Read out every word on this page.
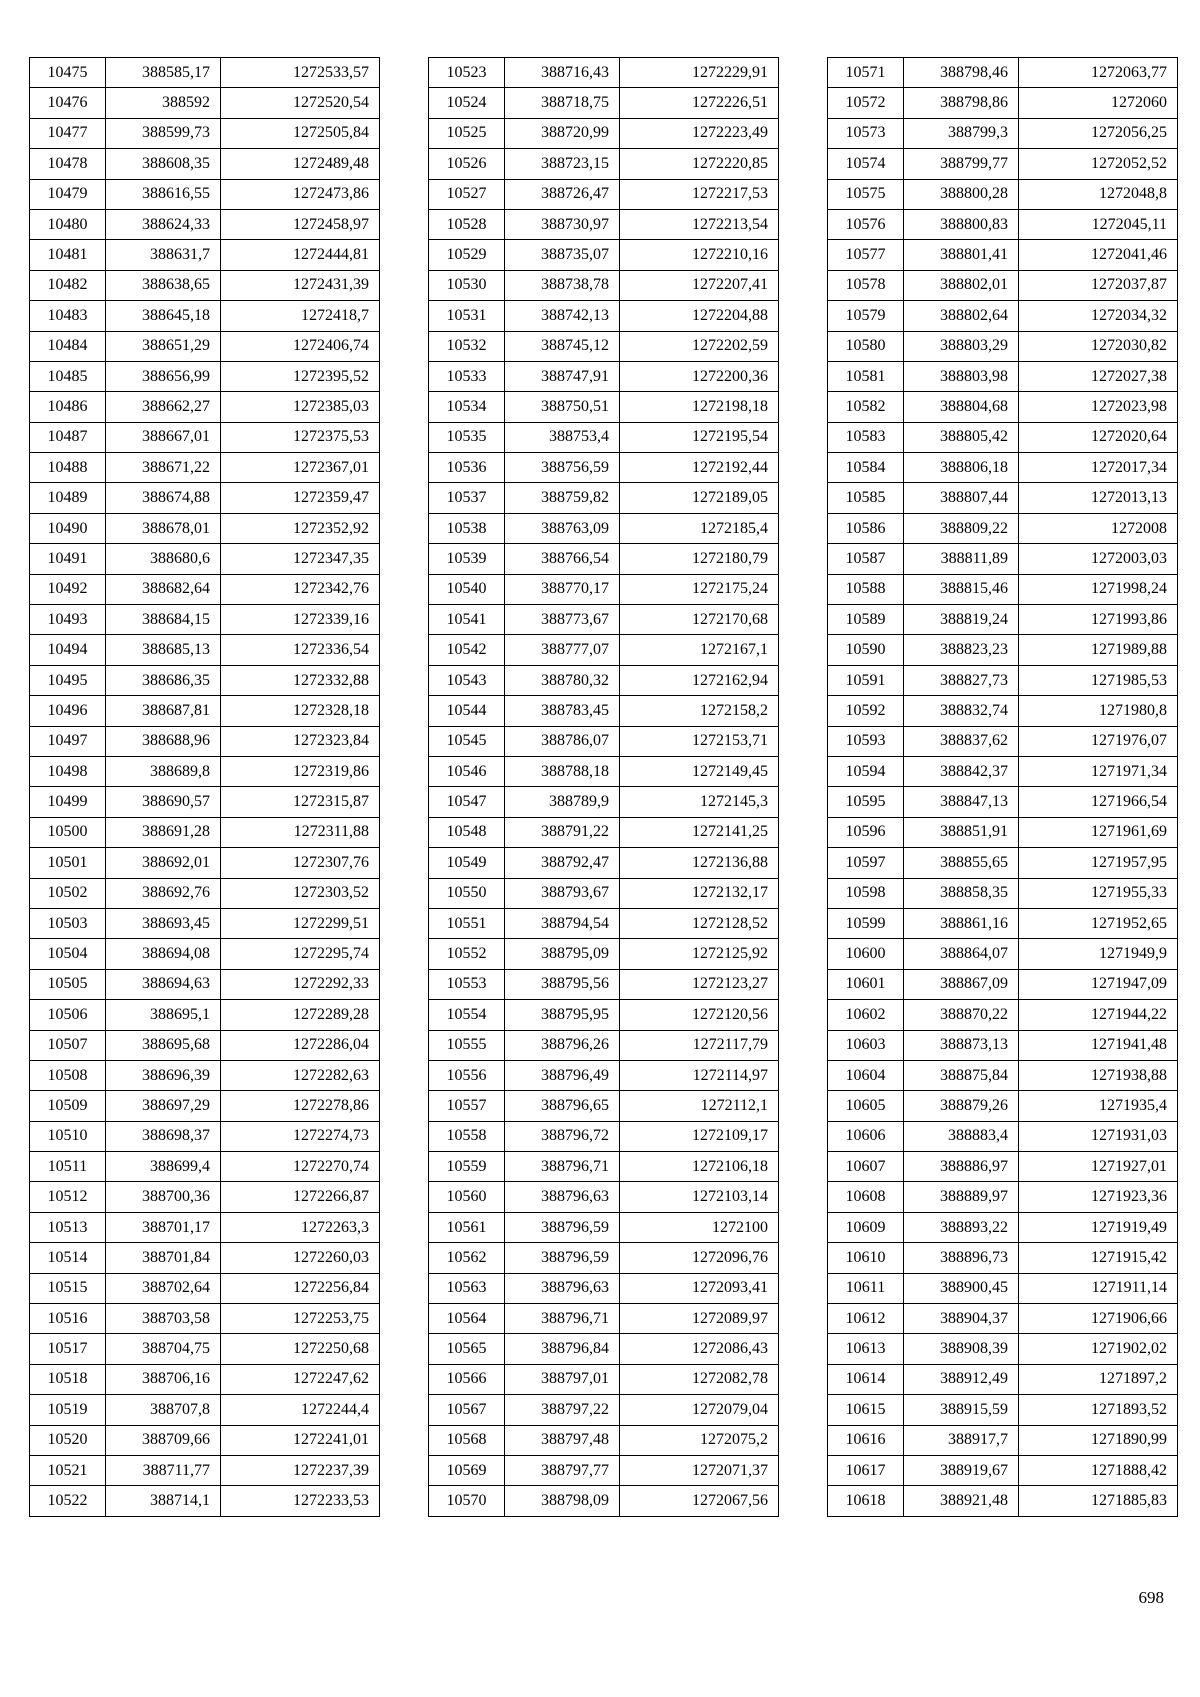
10475	388585,17	1272533,57
10476	388592	1272520,54
10477	388599,73	1272505,84
10478	388608,35	1272489,48
10479	388616,55	1272473,86
10480	388624,33	1272458,97
10481	388631,7	1272444,81
10482	388638,65	1272431,39
10483	388645,18	1272418,7
10484	388651,29	1272406,74
10485	388656,99	1272395,52
10486	388662,27	1272385,03
10487	388667,01	1272375,53
10488	388671,22	1272367,01
10489	388674,88	1272359,47
10490	388678,01	1272352,92
10491	388680,6	1272347,35
10492	388682,64	1272342,76
10493	388684,15	1272339,16
10494	388685,13	1272336,54
10495	388686,35	1272332,88
10496	388687,81	1272328,18
10497	388688,96	1272323,84
10498	388689,8	1272319,86
10499	388690,57	1272315,87
10500	388691,28	1272311,88
10501	388692,01	1272307,76
10502	388692,76	1272303,52
10503	388693,45	1272299,51
10504	388694,08	1272295,74
10505	388694,63	1272292,33
10506	388695,1	1272289,28
10507	388695,68	1272286,04
10508	388696,39	1272282,63
10509	388697,29	1272278,86
10510	388698,37	1272274,73
10511	388699,4	1272270,74
10512	388700,36	1272266,87
10513	388701,17	1272263,3
10514	388701,84	1272260,03
10515	388702,64	1272256,84
10516	388703,58	1272253,75
10517	388704,75	1272250,68
10518	388706,16	1272247,62
10519	388707,8	1272244,4
10520	388709,66	1272241,01
10521	388711,77	1272237,39
10522	388714,1	1272233,53
10523	388716,43	1272229,91
10524	388718,75	1272226,51
10525	388720,99	1272223,49
10526	388723,15	1272220,85
10527	388726,47	1272217,53
10528	388730,97	1272213,54
10529	388735,07	1272210,16
10530	388738,78	1272207,41
10531	388742,13	1272204,88
10532	388745,12	1272202,59
10533	388747,91	1272200,36
10534	388750,51	1272198,18
10535	388753,4	1272195,54
10536	388756,59	1272192,44
10537	388759,82	1272189,05
10538	388763,09	1272185,4
10539	388766,54	1272180,79
10540	388770,17	1272175,24
10541	388773,67	1272170,68
10542	388777,07	1272167,1
10543	388780,32	1272162,94
10544	388783,45	1272158,2
10545	388786,07	1272153,71
10546	388788,18	1272149,45
10547	388789,9	1272145,3
10548	388791,22	1272141,25
10549	388792,47	1272136,88
10550	388793,67	1272132,17
10551	388794,54	1272128,52
10552	388795,09	1272125,92
10553	388795,56	1272123,27
10554	388795,95	1272120,56
10555	388796,26	1272117,79
10556	388796,49	1272114,97
10557	388796,65	1272112,1
10558	388796,72	1272109,17
10559	388796,71	1272106,18
10560	388796,63	1272103,14
10561	388796,59	1272100
10562	388796,59	1272096,76
10563	388796,63	1272093,41
10564	388796,71	1272089,97
10565	388796,84	1272086,43
10566	388797,01	1272082,78
10567	388797,22	1272079,04
10568	388797,48	1272075,2
10569	388797,77	1272071,37
10570	388798,09	1272067,56
10571	388798,46	1272063,77
10572	388798,86	1272060
10573	388799,3	1272056,25
10574	388799,77	1272052,52
10575	388800,28	1272048,8
10576	388800,83	1272045,11
10577	388801,41	1272041,46
10578	388802,01	1272037,87
10579	388802,64	1272034,32
10580	388803,29	1272030,82
10581	388803,98	1272027,38
10582	388804,68	1272023,98
10583	388805,42	1272020,64
10584	388806,18	1272017,34
10585	388807,44	1272013,13
10586	388809,22	1272008
10587	388811,89	1272003,03
10588	388815,46	1271998,24
10589	388819,24	1271993,86
10590	388823,23	1271989,88
10591	388827,73	1271985,53
10592	388832,74	1271980,8
10593	388837,62	1271976,07
10594	388842,37	1271971,34
10595	388847,13	1271966,54
10596	388851,91	1271961,69
10597	388855,65	1271957,95
10598	388858,35	1271955,33
10599	388861,16	1271952,65
10600	388864,07	1271949,9
10601	388867,09	1271947,09
10602	388870,22	1271944,22
10603	388873,13	1271941,48
10604	388875,84	1271938,88
10605	388879,26	1271935,4
10606	388883,4	1271931,03
10607	388886,97	1271927,01
10608	388889,97	1271923,36
10609	388893,22	1271919,49
10610	388896,73	1271915,42
10611	388900,45	1271911,14
10612	388904,37	1271906,66
10613	388908,39	1271902,02
10614	388912,49	1271897,2
10615	388915,59	1271893,52
10616	388917,7	1271890,99
10617	388919,67	1271888,42
10618	388921,48	1271885,83
698
